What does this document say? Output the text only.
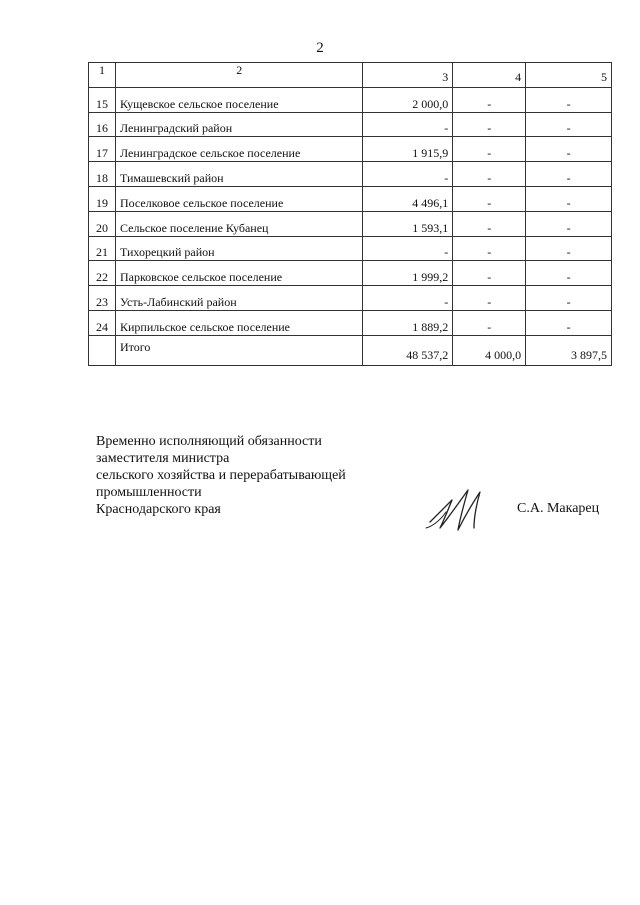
2
1	2	3	4	5
15	Кущевское сельское поселение	2 000,0	-	-
16	Ленинградский район	-	-	-
17	Ленинградское сельское поселение	1 915,9	-	-
18	Тимашевский район	-	-	-
19	Поселковое сельское поселение	4 496,1	-	-
20	Сельское поселение Кубанец	1 593,1	-	-
21	Тихорецкий район	-	-	-
22	Парковское сельское поселение	1 999,2	-	-
23	Усть-Лабинский район	-	-	-
24	Кирпильское сельское поселение	1 889,2	-	-
	Итого	48 537,2	4 000,0	3 897,5
Временно исполняющий обязанности
заместителя министра
сельского хозяйства и перерабатывающей
промышленности
Краснодарского края	С.А. Макарец
